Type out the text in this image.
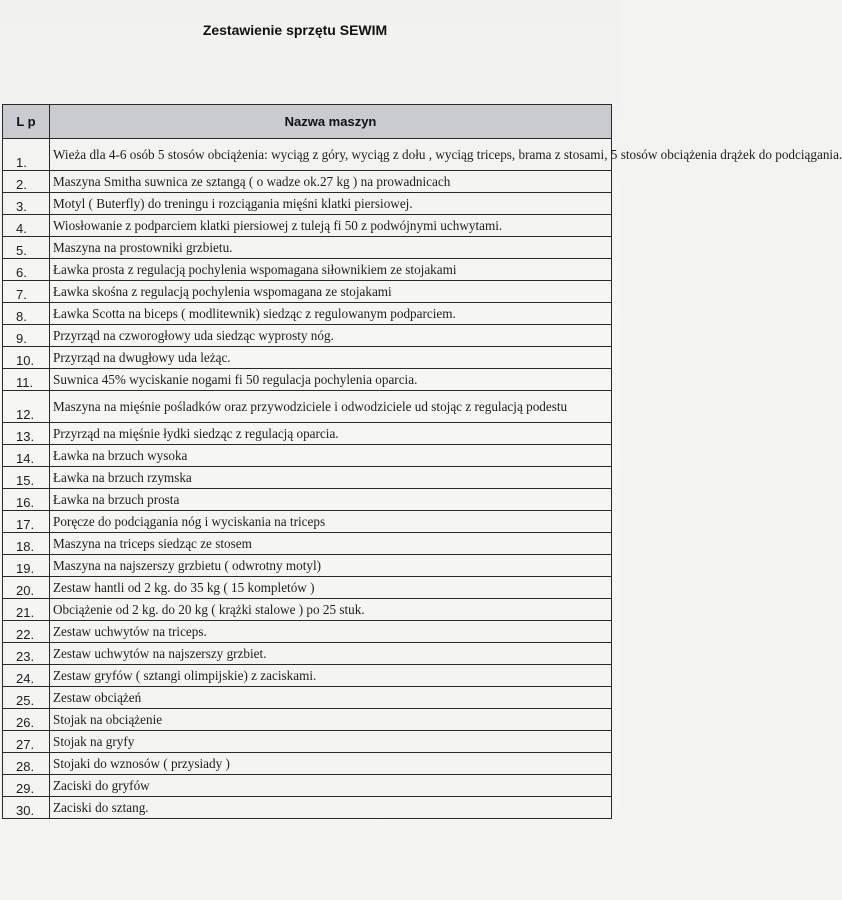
Zestawienie sprzętu SEWIM
L p	Nazwa maszyn
1.	Wieża dla 4-6 osób 5 stosów obciążenia: wyciąg z góry, wyciąg z dołu , wyciąg triceps, brama z stosami, 5 stosów obciążenia drążek do podciągania.
2.	Maszyna Smitha suwnica ze sztangą ( o wadze ok.27 kg ) na prowadnicach
3.	Motyl ( Buterfly) do treningu i rozciągania mięśni klatki piersiowej.
4.	Wiosłowanie z podparciem klatki piersiowej z tuleją fi 50 z podwójnymi uchwytami.
5.	Maszyna na prostowniki grzbietu.
6.	Ławka prosta z regulacją pochylenia wspomagana siłownikiem ze stojakami
7.	Ławka skośna z regulacją pochylenia wspomagana ze stojakami
8.	Ławka Scotta na biceps ( modlitewnik) siedząc z regulowanym podparciem.
9.	Przyrząd na czworogłowy uda siedząc wyprosty nóg.
10.	Przyrząd na dwugłowy uda leżąc.
11.	Suwnica 45% wyciskanie nogami fi 50 regulacja pochylenia oparcia.
12.	Maszyna na mięśnie pośladków oraz przywodziciele i odwodziciele ud stojąc z regulacją podestu
13.	Przyrząd na mięśnie łydki siedząc z regulacją oparcia.
14.	Ławka na brzuch wysoka
15.	Ławka na brzuch rzymska
16.	Ławka na brzuch prosta
17.	Poręcze do podciągania nóg i wyciskania na triceps
18.	Maszyna na triceps siedząc ze stosem
19.	Maszyna na najszerszy grzbietu ( odwrotny motyl)
20.	Zestaw hantli od 2 kg. do 35 kg ( 15 kompletów )
21.	Obciążenie od 2 kg. do 20 kg ( krążki stalowe ) po 25 stuk.
22.	Zestaw uchwytów na triceps.
23.	Zestaw uchwytów na najszerszy grzbiet.
24.	Zestaw gryfów ( sztangi olimpijskie) z zaciskami.
25.	Zestaw obciążeń
26.	Stojak na obciążenie
27.	Stojak na gryfy
28.	Stojaki do wznosów ( przysiady )
29.	Zaciski do gryfów
30.	Zaciski do sztang.
